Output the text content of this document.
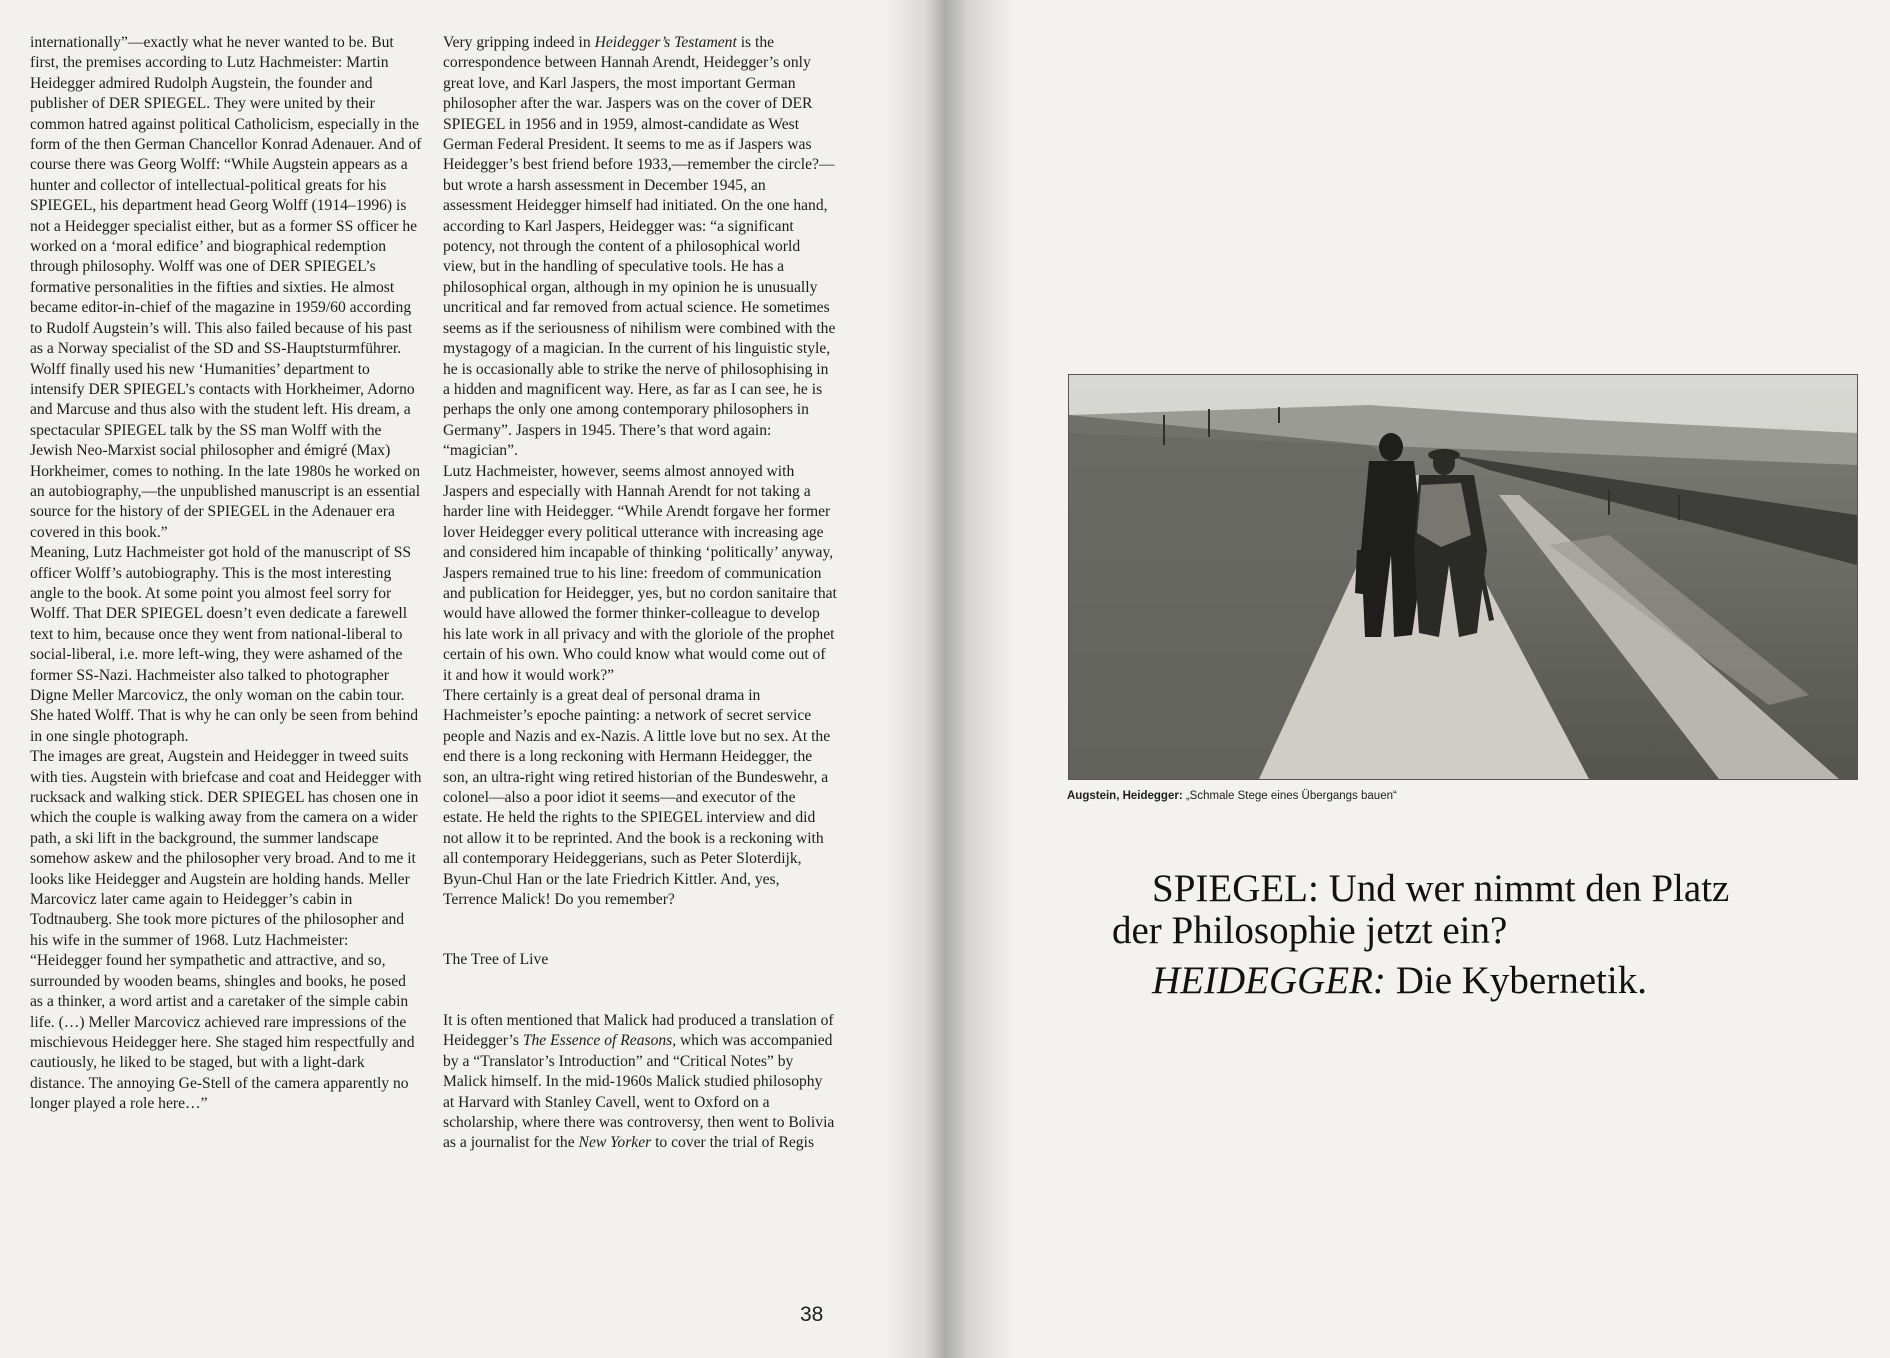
internationally”—exactly what he never wanted to be. But first, the premises according to Lutz Hachmeister: Martin Heidegger admired Rudolph Augstein, the founder and publisher of DER SPIEGEL. They were united by their common hatred against political Catholicism, especially in the form of the then German Chancellor Konrad Adenauer. And of course there was Georg Wolff: “While Augstein appears as a hunter and collector of intellectual-political greats for his SPIEGEL, his department head Georg Wolff (1914–1996) is not a Heidegger specialist either, but as a former SS officer he worked on a ‘moral edifice’ and biographical redemption through philosophy. Wolff was one of DER SPIEGEL’s formative personalities in the fifties and sixties. He almost became editor-in-chief of the magazine in 1959/60 according to Rudolf Augstein’s will. This also failed because of his past as a Norway specialist of the SD and SS-Hauptsturmführer. Wolff finally used his new ‘Humanities’ department to intensify DER SPIEGEL’s contacts with Horkheimer, Adorno and Marcuse and thus also with the student left. His dream, a spectacular SPIEGEL talk by the SS man Wolff with the Jewish Neo-Marxist social philosopher and émigré (Max) Horkheimer, comes to nothing. In the late 1980s he worked on an autobiography,—the unpublished manuscript is an essential source for the history of der SPIEGEL in the Adenauer era covered in this book.”

Meaning, Lutz Hachmeister got hold of the manuscript of SS officer Wolff’s autobiography. This is the most interesting angle to the book. At some point you almost feel sorry for Wolff. That DER SPIEGEL doesn’t even dedicate a farewell text to him, because once they went from national-liberal to social-liberal, i.e. more left-wing, they were ashamed of the former SS-Nazi. Hachmeister also talked to photographer Digne Meller Marcovicz, the only woman on the cabin tour. She hated Wolff. That is why he can only be seen from behind in one single photograph.

The images are great, Augstein and Heidegger in tweed suits with ties. Augstein with briefcase and coat and Heidegger with rucksack and walking stick. DER SPIEGEL has chosen one in which the couple is walking away from the camera on a wider path, a ski lift in the background, the summer landscape somehow askew and the philosopher very broad. And to me it looks like Heidegger and Augstein are holding hands. Meller Marcovicz later came again to Heidegger’s cabin in Todtnauberg. She took more pictures of the philosopher and his wife in the summer of 1968. Lutz Hachmeister: “Heidegger found her sympathetic and attractive, and so, surrounded by wooden beams, shingles and books, he posed as a thinker, a word artist and a caretaker of the simple cabin life. (…) Meller Marcovicz achieved rare impressions of the mischievous Heidegger here. She staged him respectfully and cautiously, he liked to be staged, but with a light-dark distance. The annoying Ge-Stell of the camera apparently no longer played a role here…”

Very gripping indeed in Heidegger’s Testament is the correspondence between Hannah Arendt, Heidegger’s only great love, and Karl Jaspers, the most important German philosopher after the war. Jaspers was on the cover of DER SPIEGEL in 1956 and in 1959, almost-candidate as West German Federal President. It seems to me as if Jaspers was Heidegger’s best friend before 1933,—remember the circle?—but wrote a harsh assessment in December 1945, an assessment Heidegger himself had initiated. On the one hand, according to Karl Jaspers, Heidegger was: “a significant potency, not through the content of a philosophical world view, but in the handling of speculative tools. He has a philosophical organ, although in my opinion he is unusually uncritical and far removed from actual science. He sometimes seems as if the seriousness of nihilism were combined with the mystagogy of a magician. In the current of his linguistic style, he is occasionally able to strike the nerve of philosophising in a hidden and magnificent way. Here, as far as I can see, he is perhaps the only one among contemporary philosophers in Germany”. Jaspers in 1945. There’s that word again: “magician”.

Lutz Hachmeister, however, seems almost annoyed with Jaspers and especially with Hannah Arendt for not taking a harder line with Heidegger. “While Arendt forgave her former lover Heidegger every political utterance with increasing age and considered him incapable of thinking ‘politically’ anyway, Jaspers remained true to his line: freedom of communication and publication for Heidegger, yes, but no cordon sanitaire that would have allowed the former thinker-colleague to develop his late work in all privacy and with the gloriole of the prophet certain of his own. Who could know what would come out of it and how it would work?”

There certainly is a great deal of personal drama in Hachmeister’s epoche painting: a network of secret service people and Nazis and ex-Nazis. A little love but no sex. At the end there is a long reckoning with Hermann Heidegger, the son, an ultra-right wing retired historian of the Bundeswehr, a colonel—also a poor idiot it seems—and executor of the estate. He held the rights to the SPIEGEL interview and did not allow it to be reprinted. And the book is a reckoning with all contemporary Heideggerians, such as Peter Sloterdijk, Byun-Chul Han or the late Friedrich Kittler. And, yes, Terrence Malick! Do you remember?

The Tree of Live

It is often mentioned that Malick had produced a translation of Heidegger’s The Essence of Reasons, which was accompanied by a “Translator’s Introduction” and “Critical Notes” by Malick himself. In the mid-1960s Malick studied philosophy at Harvard with Stanley Cavell, went to Oxford on a scholarship, where there was controversy, then went to Bolivia as a journalist for the New Yorker to cover the trial of Regis

38
Augstein, Heidegger: „Schmale Stege eines Übergangs bauen“
SPIEGEL: Und wer nimmt den Platz
der Philosophie jetzt ein?
HEIDEGGER: Die Kybernetik.
